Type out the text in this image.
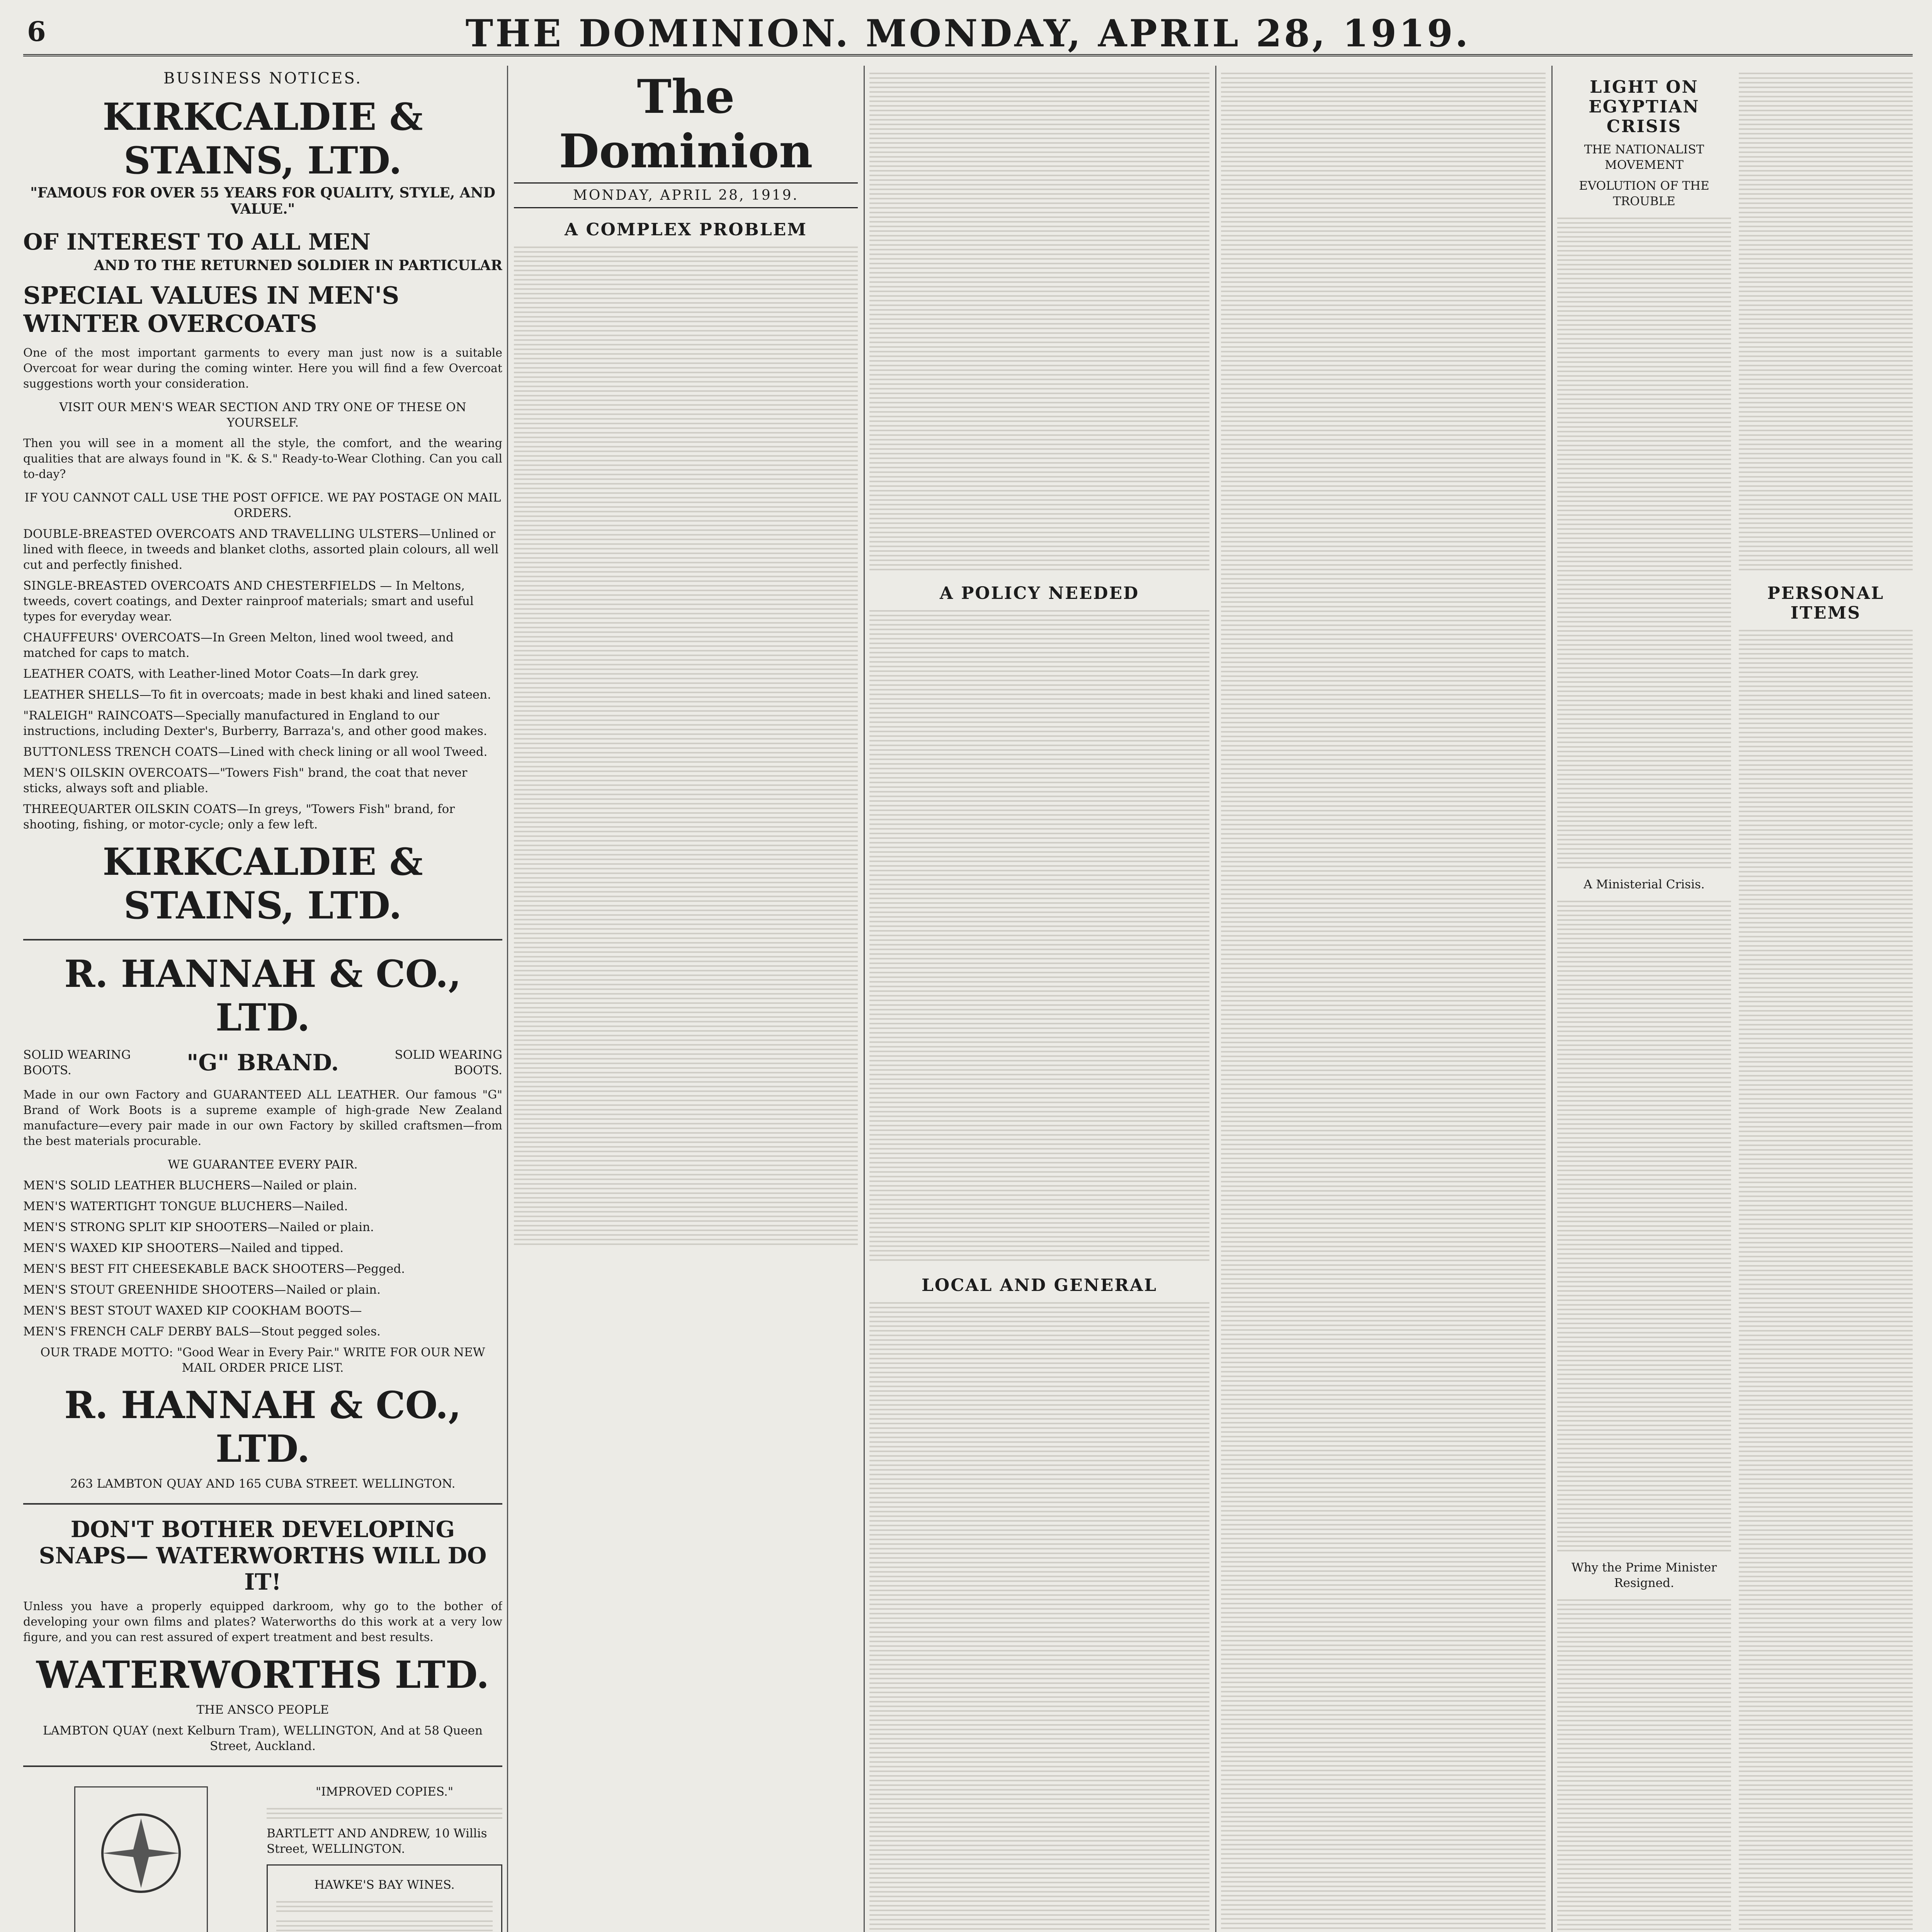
6	THE DOMINION. MONDAY, APRIL 28, 1919.
BUSINESS NOTICES.
KIRKCALDIE & STAINS, LTD.
"FAMOUS FOR OVER 55 YEARS FOR QUALITY, STYLE, AND VALUE."
OF INTEREST TO ALL MEN
AND TO THE RETURNED SOLDIER IN PARTICULAR
SPECIAL VALUES IN MEN'S WINTER OVERCOATS
One of the most important garments to every man just now is a suitable Overcoat for wear during the coming winter. Here you will find a few Overcoat suggestions worth your consideration.
VISIT OUR MEN'S WEAR SECTION AND TRY ONE OF THESE ON YOURSELF.
Then you will see in a moment all the style, the comfort, and the wearing qualities that are always found in "K. & S." Ready-to-Wear Clothing. Can you call to-day?
IF YOU CANNOT CALL USE THE POST OFFICE. WE PAY POSTAGE ON MAIL ORDERS.
DOUBLE-BREASTED OVERCOATS AND TRAVELLING ULSTERS—Unlined or lined with fleece, in tweeds and blanket cloths, assorted plain colours, all well cut and perfectly finished.
SINGLE-BREASTED OVERCOATS AND CHESTERFIELDS — In Meltons, tweeds, covert coatings, and Dexter rainproof materials; smart and useful types for everyday wear.
CHAUFFEURS' OVERCOATS—In Green Melton, lined wool tweed, and matched for caps to match.
LEATHER COATS, with Leather-lined Motor Coats—In dark grey.
LEATHER SHELLS—To fit in overcoats; made in best khaki and lined sateen.
"RALEIGH" RAINCOATS—Specially manufactured in England to our instructions, including Dexter's, Burberry, Barraza's, and other good makes.
BUTTONLESS TRENCH COATS—Lined with check lining or all wool Tweed.
MEN'S OILSKIN OVERCOATS—"Towers Fish" brand, the coat that never sticks, always soft and pliable.
THREEQUARTER OILSKIN COATS—In greys, "Towers Fish" brand, for shooting, fishing, or motor-cycle; only a few left.
KIRKCALDIE & STAINS, LTD.
R. HANNAH & CO., LTD.
SOLID WEARING BOOTS.	"G" BRAND.	SOLID WEARING BOOTS.
Made in our own Factory and GUARANTEED ALL LEATHER. Our famous "G" Brand of Work Boots is a supreme example of high-grade New Zealand manufacture—every pair made in our own Factory by skilled craftsmen—from the best materials procurable.
WE GUARANTEE EVERY PAIR.
MEN'S SOLID LEATHER BLUCHERS—Nailed or plain.
MEN'S WATERTIGHT TONGUE BLUCHERS—Nailed.
MEN'S STRONG SPLIT KIP SHOOTERS—Nailed or plain.
MEN'S WAXED KIP SHOOTERS—Nailed and tipped.
MEN'S BEST FIT CHEESEKABLE BACK SHOOTERS—Pegged.
MEN'S STOUT GREENHIDE SHOOTERS—Nailed or plain.
MEN'S BEST STOUT WAXED KIP COOKHAM BOOTS—
MEN'S FRENCH CALF DERBY BALS—Stout pegged soles.
OUR TRADE MOTTO: "Good Wear in Every Pair." WRITE FOR OUR NEW MAIL ORDER PRICE LIST.
R. HANNAH & CO., LTD.
263 LAMBTON QUAY AND 165 CUBA STREET. WELLINGTON.
DON'T BOTHER DEVELOPING SNAPS— WATERWORTHS WILL DO IT!
Unless you have a properly equipped darkroom, why go to the bother of developing your own films and plates? Waterworths do this work at a very low figure, and you can rest assured of expert treatment and best results.
WATERWORTHS LTD.
THE ANSCO PEOPLE
LAMBTON QUAY (next Kelburn Tram), WELLINGTON, And at 58 Queen Street, Auckland.
"IMPROVED COPIES."
BARTLETT AND ANDREW, 10 Willis Street, WELLINGTON.
HAWKE'S BAY WINES.
The Dominion
MONDAY, APRIL 28, 1919.
A COMPLEX PROBLEM
A POLICY NEEDED
LOCAL AND GENERAL
LIGHT ON EGYPTIAN CRISIS
THE NATIONALIST MOVEMENT
EVOLUTION OF THE TROUBLE
A Ministerial Crisis.
Why the Prime Minister Resigned.
PERSONAL ITEMS
